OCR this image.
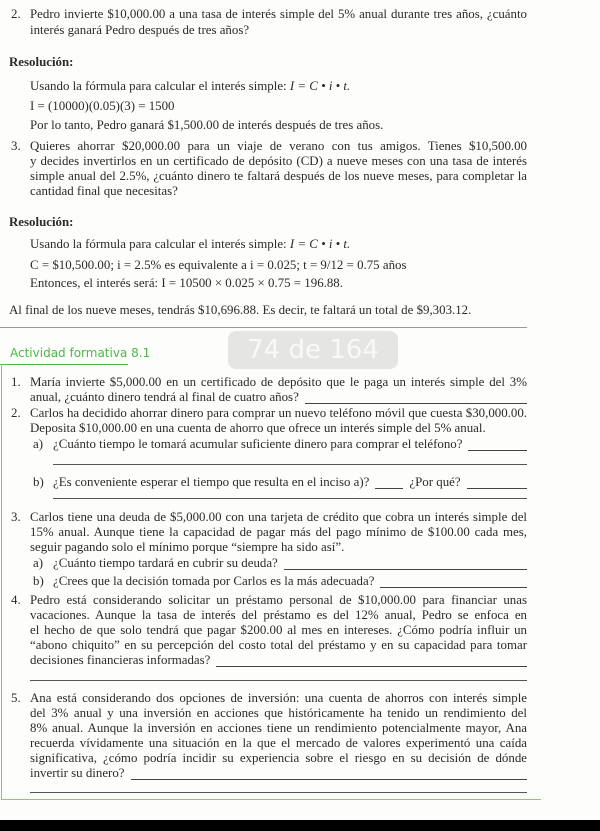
2. Pedro invierte $10,000.00 a una tasa de interés simple del 5% anual durante tres años, ¿cuánto
interés ganará Pedro después de tres años?
Resolución:
Usando la fórmula para calcular el interés simple: I = C • i • t.
I = (10000)(0.05)(3) = 1500
Por lo tanto, Pedro ganará $1,500.00 de interés después de tres años.
3. Quieres ahorrar $20,000.00 para un viaje de verano con tus amigos. Tienes $10,500.00
y decides invertirlos en un certificado de depósito (CD) a nueve meses con una tasa de interés
simple anual del 2.5%, ¿cuánto dinero te faltará después de los nueve meses, para completar la
cantidad final que necesitas?
Resolución:
Usando la fórmula para calcular el interés simple: I = C • i • t.
C = $10,500.00; i = 2.5% es equivalente a i = 0.025; t = 9/12 = 0.75 años
Entonces, el interés será: I = 10500 × 0.025 × 0.75 = 196.88.
Al final de los nueve meses, tendrás $10,696.88. Es decir, te faltará un total de $9,303.12.
Actividad formativa 8.1	74 de 164
1. María invierte $5,000.00 en un certificado de depósito que le paga un interés simple del 3%
anual, ¿cuánto dinero tendrá al final de cuatro años?
2. Carlos ha decidido ahorrar dinero para comprar un nuevo teléfono móvil que cuesta $30,000.00.
Deposita $10,000.00 en una cuenta de ahorro que ofrece un interés simple del 5% anual.
a) ¿Cuánto tiempo le tomará acumular suficiente dinero para comprar el teléfono?
b) ¿Es conveniente esperar el tiempo que resulta en el inciso a)?	¿Por qué?
3. Carlos tiene una deuda de $5,000.00 con una tarjeta de crédito que cobra un interés simple del
15% anual. Aunque tiene la capacidad de pagar más del pago mínimo de $100.00 cada mes,
seguir pagando solo el mínimo porque “siempre ha sido así”.
a) ¿Cuánto tiempo tardará en cubrir su deuda?
b) ¿Crees que la decisión tomada por Carlos es la más adecuada?
4. Pedro está considerando solicitar un préstamo personal de $10,000.00 para financiar unas
vacaciones. Aunque la tasa de interés del préstamo es del 12% anual, Pedro se enfoca en
el hecho de que solo tendrá que pagar $200.00 al mes en intereses. ¿Cómo podría influir un
“abono chiquito” en su percepción del costo total del préstamo y en su capacidad para tomar
decisiones financieras informadas?
5. Ana está considerando dos opciones de inversión: una cuenta de ahorros con interés simple
del 3% anual y una inversión en acciones que históricamente ha tenido un rendimiento del
8% anual. Aunque la inversión en acciones tiene un rendimiento potencialmente mayor, Ana
recuerda vívidamente una situación en la que el mercado de valores experimentó una caída
significativa, ¿cómo podría incidir su experiencia sobre el riesgo en su decisión de dónde
invertir su dinero?
